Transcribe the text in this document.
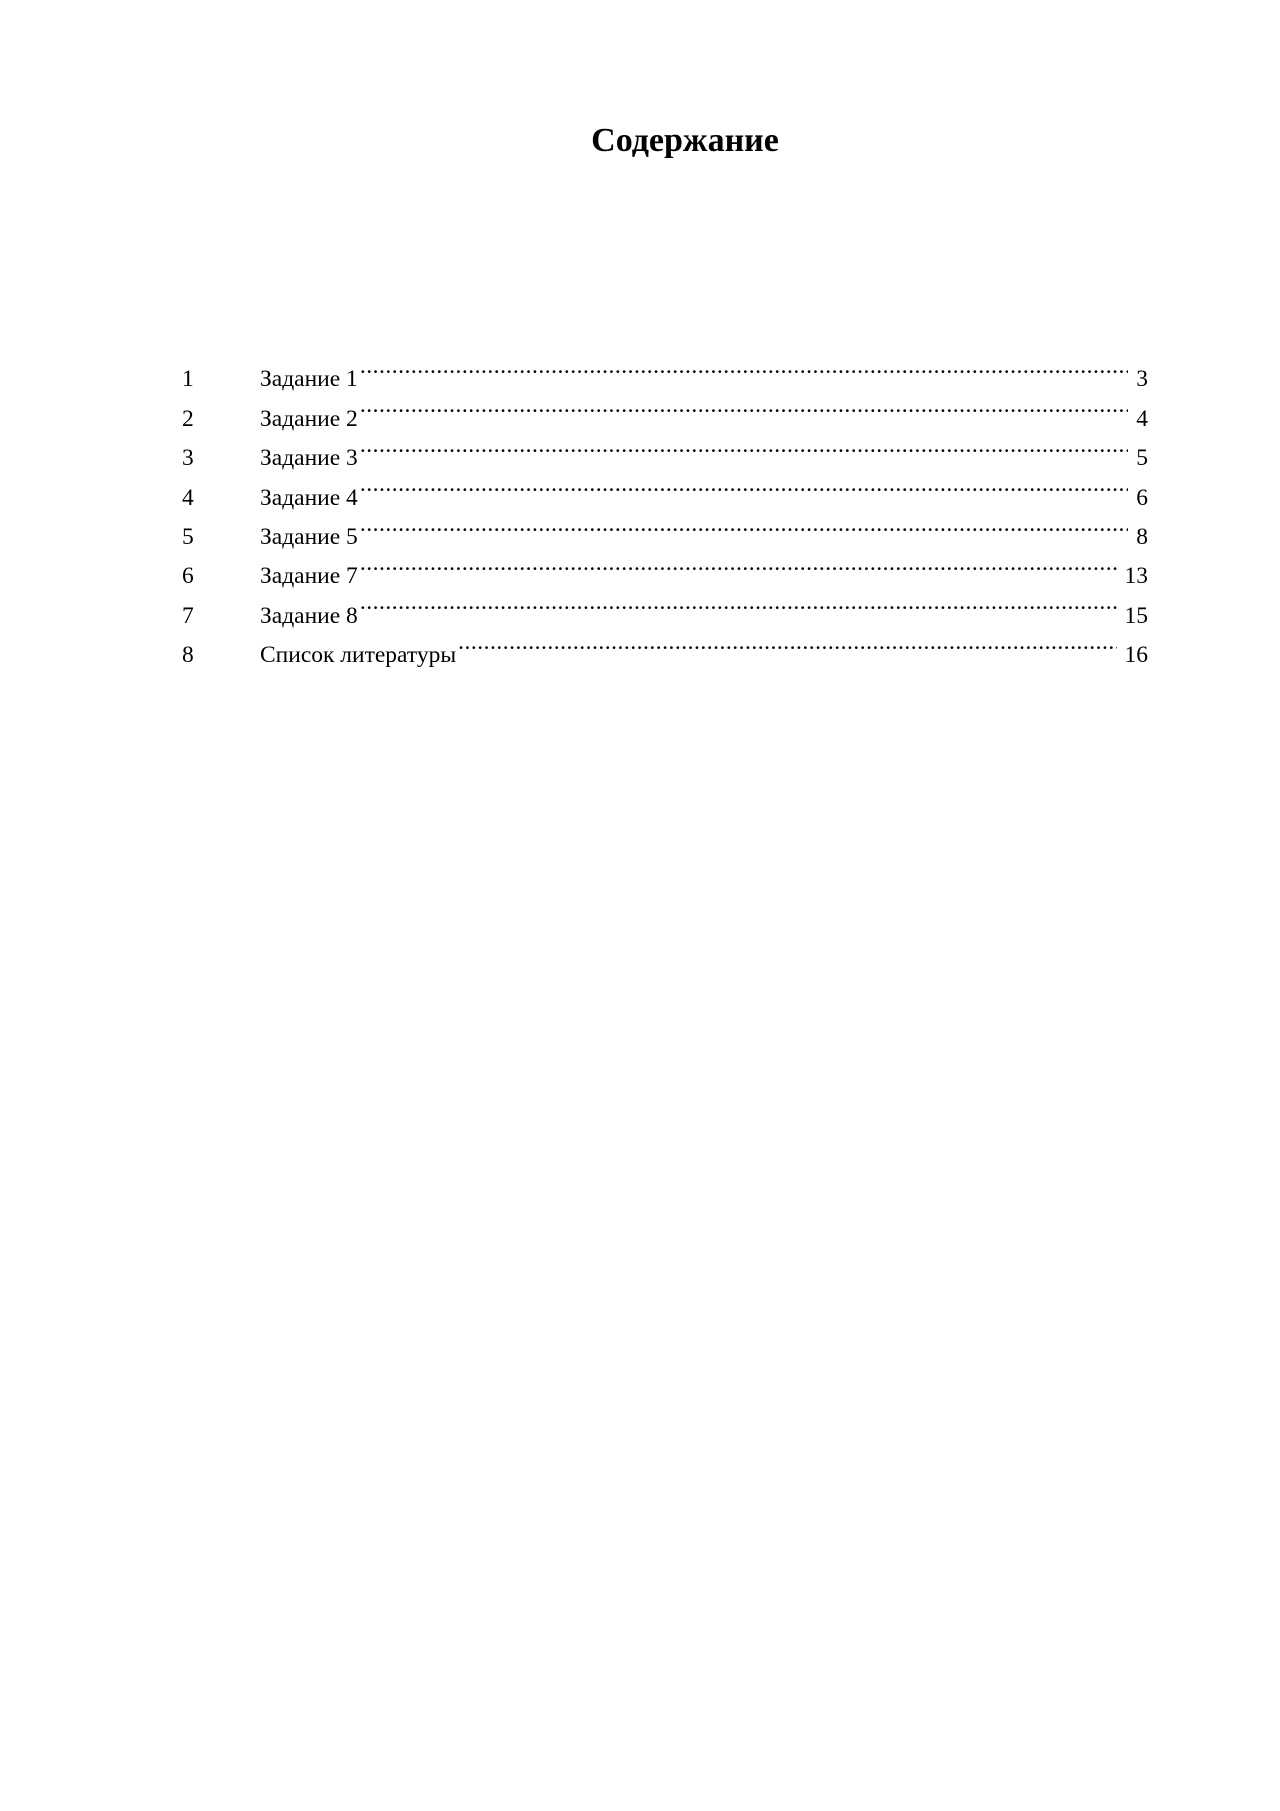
Содержание
1	Задание 1 .....	3
2	Задание 2 .....	4
3	Задание 3 .....	5
4	Задание 4 .....	6
5	Задание 5 .....	8
6	Задание 7 .....	13
7	Задание 8 .....	15
8	Список литературы .....	16
